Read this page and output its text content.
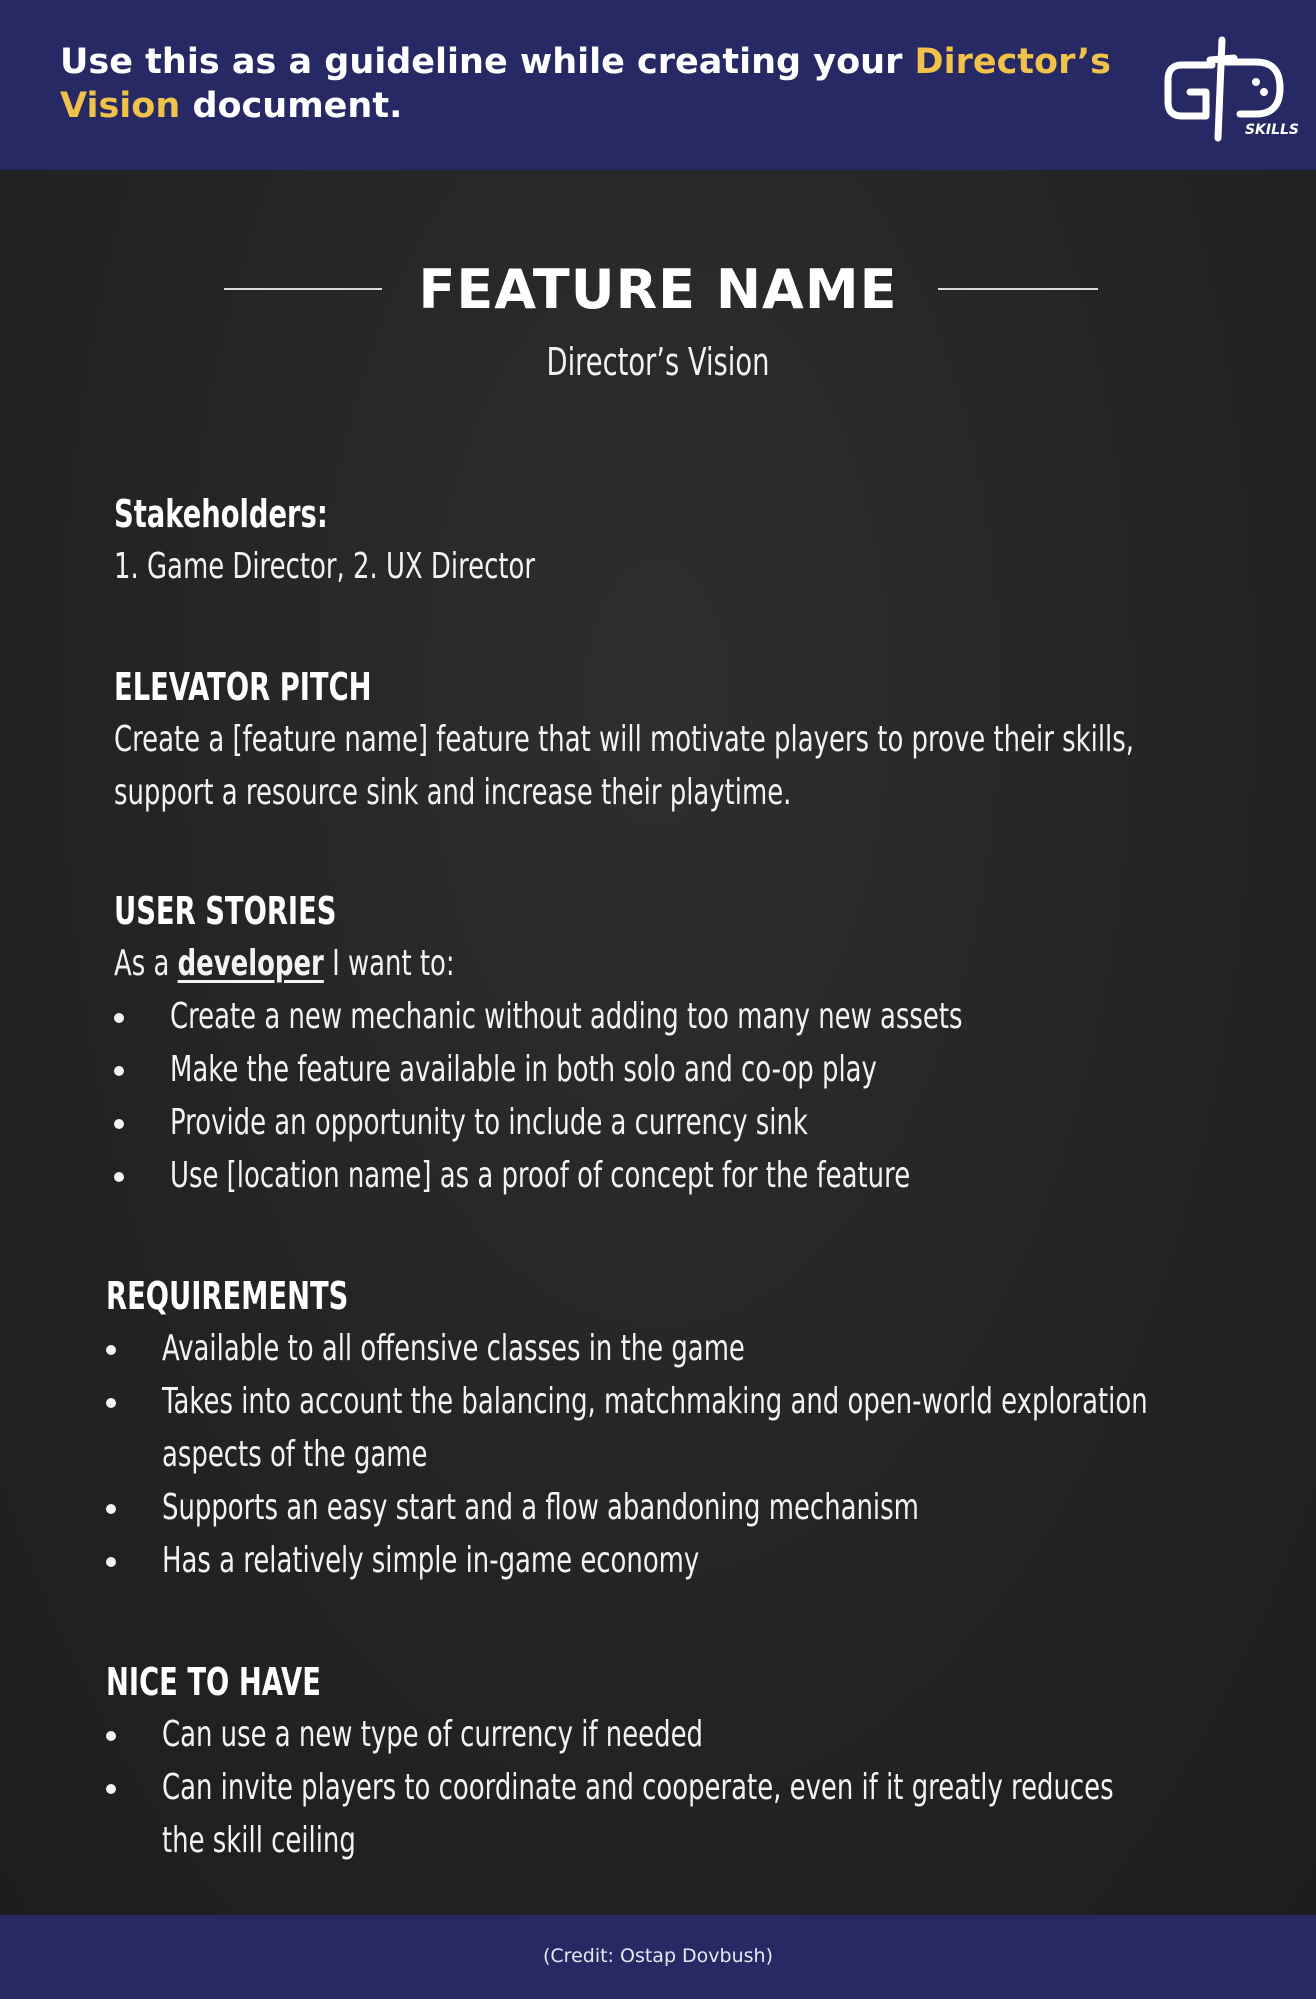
Use this as a guideline while creating your Director’s Vision document.
SKILLS
FEATURE NAME
Director’s Vision
Stakeholders:
1. Game Director, 2. UX Director
ELEVATOR PITCH
Create a [feature name] feature that will motivate players to prove their skills,
support a resource sink and increase their playtime.
USER STORIES
As a developer I want to:
Create a new mechanic without adding too many new assets
Make the feature available in both solo and co-op play
Provide an opportunity to include a currency sink
Use [location name] as a proof of concept for the feature
REQUIREMENTS
Available to all offensive classes in the game
Takes into account the balancing, matchmaking and open-world exploration
aspects of the game
Supports an easy start and a flow abandoning mechanism
Has a relatively simple in-game economy
NICE TO HAVE
Can use a new type of currency if needed
Can invite players to coordinate and cooperate, even if it greatly reduces
the skill ceiling
(Credit: Ostap Dovbush)
